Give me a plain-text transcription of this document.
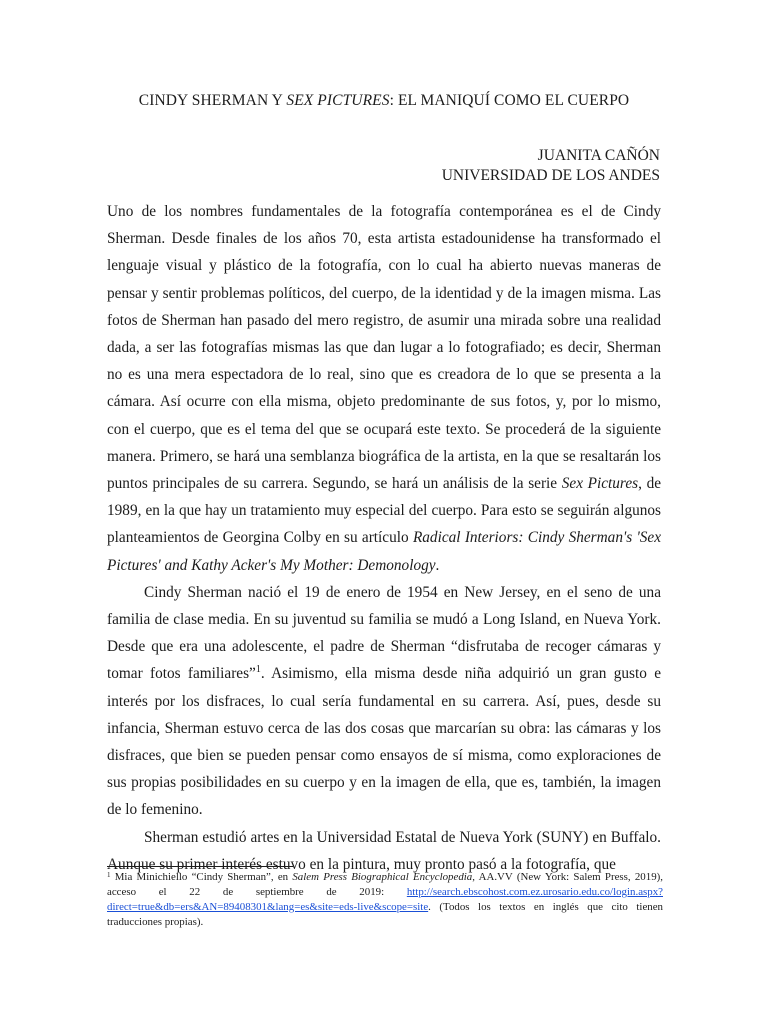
CINDY SHERMAN Y SEX PICTURES: EL MANIQUÍ COMO EL CUERPO
JUANITA CAÑÓN
UNIVERSIDAD DE LOS ANDES

Uno de los nombres fundamentales de la fotografía contemporánea es el de Cindy Sherman. Desde finales de los años 70, esta artista estadounidense ha transformado el lenguaje visual y plástico de la fotografía, con lo cual ha abierto nuevas maneras de pensar y sentir problemas políticos, del cuerpo, de la identidad y de la imagen misma. Las fotos de Sherman han pasado del mero registro, de asumir una mirada sobre una realidad dada, a ser las fotografías mismas las que dan lugar a lo fotografiado; es decir, Sherman no es una mera espectadora de lo real, sino que es creadora de lo que se presenta a la cámara. Así ocurre con ella misma, objeto predominante de sus fotos, y, por lo mismo, con el cuerpo, que es el tema del que se ocupará este texto. Se procederá de la siguiente manera. Primero, se hará una semblanza biográfica de la artista, en la que se resaltarán los puntos principales de su carrera. Segundo, se hará un análisis de la serie Sex Pictures, de 1989, en la que hay un tratamiento muy especial del cuerpo. Para esto se seguirán algunos planteamientos de Georgina Colby en su artículo Radical Interiors: Cindy Sherman's 'Sex Pictures' and Kathy Acker's My Mother: Demonology.

Cindy Sherman nació el 19 de enero de 1954 en New Jersey, en el seno de una familia de clase media. En su juventud su familia se mudó a Long Island, en Nueva York. Desde que era una adolescente, el padre de Sherman “disfrutaba de recoger cámaras y tomar fotos familiares”$^1$. Asimismo, ella misma desde niña adquirió un gran gusto e interés por los disfraces, lo cual sería fundamental en su carrera. Así, pues, desde su infancia, Sherman estuvo cerca de las dos cosas que marcarían su obra: las cámaras y los disfraces, que bien se pueden pensar como ensayos de sí misma, como exploraciones de sus propias posibilidades en su cuerpo y en la imagen de ella, que es, también, la imagen de lo femenino.

Sherman estudió artes en la Universidad Estatal de Nueva York (SUNY) en Buffalo. Aunque su primer interés estuvo en la pintura, muy pronto pasó a la fotografía, que

$^1$ Mia Minichiello “Cindy Sherman”, en Salem Press Biographical Encyclopedia, AA.VV (New York: Salem Press, 2019), acceso el 22 de septiembre de 2019: http://search.ebscohost.com.ez.urosario.edu.co/login.aspx?direct=true&db=ers&AN=89408301&lang=es&site=eds-live&scope=site. (Todos los textos en inglés que cito tienen traducciones propias).
